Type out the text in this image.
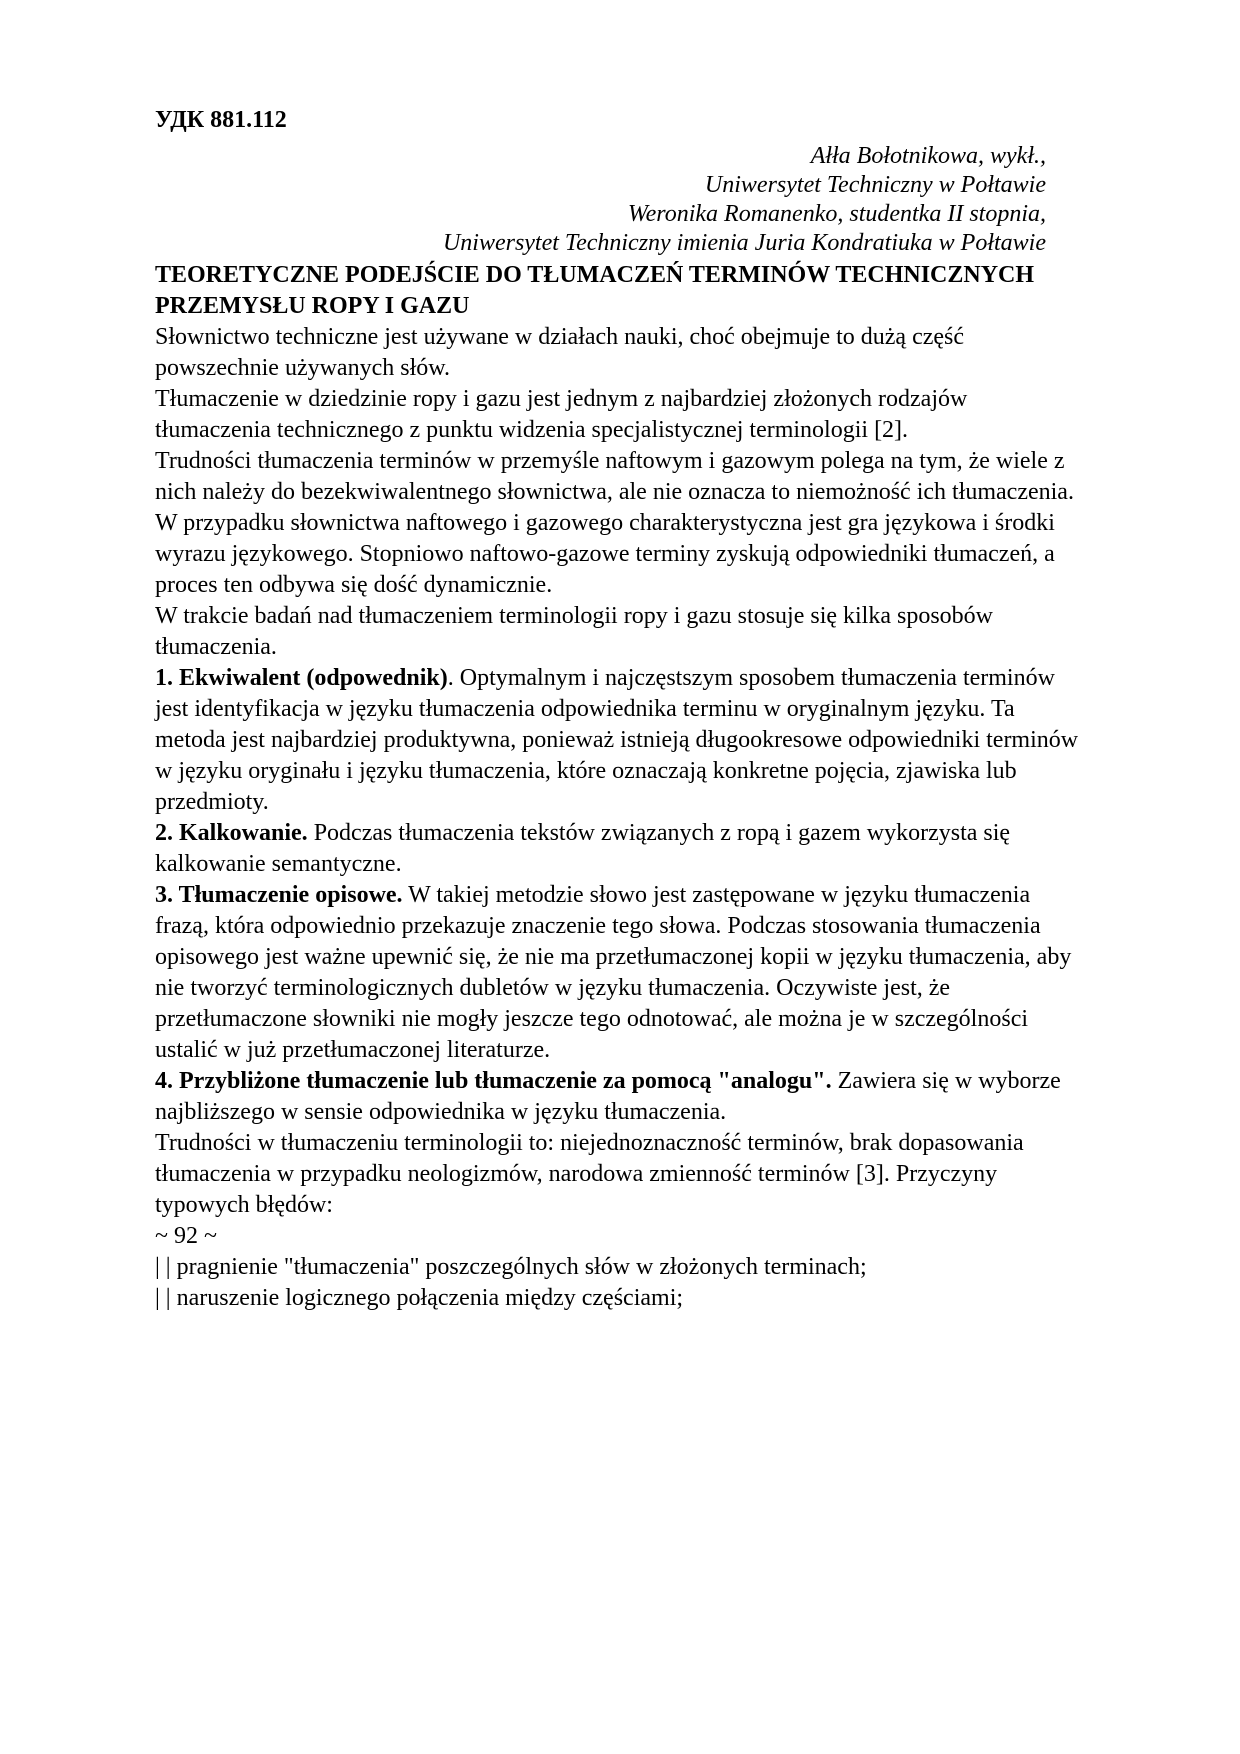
УДК 881.112

Ałła Bołotnikowa, wykł.,

Uniwersytet Techniczny w Połtawie

Weronika Romanenko, studentka II stopnia,

Uniwersytet Techniczny imienia Juria Kondratiuka w Połtawie

TEORETYCZNE PODEJŚCIE DO TŁUMACZEŃ TERMINÓW TECHNICZNYCH PRZEMYSŁU ROPY I GAZU

Słownictwo techniczne jest używane w działach nauki, choć obejmuje to dużą część powszechnie używanych słów.

Tłumaczenie w dziedzinie ropy i gazu jest jednym z najbardziej złożonych rodzajów tłumaczenia technicznego z punktu widzenia specjalistycznej terminologii [2].

Trudności tłumaczenia terminów w przemyśle naftowym i gazowym polega na tym, że wiele z nich należy do bezekwiwalentnego słownictwa, ale nie oznacza to niemożność ich tłumaczenia. W przypadku słownictwa naftowego i gazowego charakterystyczna jest gra językowa i środki wyrazu językowego. Stopniowo naftowo-gazowe terminy zyskują odpowiedniki tłumaczeń, a proces ten odbywa się dość dynamicznie.

W trakcie badań nad tłumaczeniem terminologii ropy i gazu stosuje się kilka sposobów tłumaczenia.

1. Ekwiwalent (odpowednik). Optymalnym i najczęstszym sposobem tłumaczenia terminów jest identyfikacja w języku tłumaczenia odpowiednika terminu w oryginalnym języku. Ta metoda jest najbardziej produktywna, ponieważ istnieją długookresowe odpowiedniki terminów w języku oryginału i języku tłumaczenia, które oznaczają konkretne pojęcia, zjawiska lub przedmioty.

2. Kalkowanie. Podczas tłumaczenia tekstów związanych z ropą i gazem wykorzysta się kalkowanie semantyczne.

3. Tłumaczenie opisowe. W takiej metodzie słowo jest zastępowane w języku tłumaczenia frazą, która odpowiednio przekazuje znaczenie tego słowa. Podczas stosowania tłumaczenia opisowego jest ważne upewnić się, że nie ma przetłumaczonej kopii w języku tłumaczenia, aby nie tworzyć terminologicznych dubletów w języku tłumaczenia. Oczywiste jest, że przetłumaczone słowniki nie mogły jeszcze tego odnotować, ale można je w szczególności ustalić w już przetłumaczonej literaturze.

4. Przybliżone tłumaczenie lub tłumaczenie za pomocą "analogu". Zawiera się w wyborze najbliższego w sensie odpowiednika w języku tłumaczenia.

Trudności w tłumaczeniu terminologii to: niejednoznaczność terminów, brak dopasowania tłumaczenia w przypadku neologizmów, narodowa zmienność terminów [3]. Przyczyny typowych błędów:

~ 92 ~

| | pragnienie "tłumaczenia" poszczególnych słów w złożonych terminach;

| | naruszenie logicznego połączenia między częściami;
